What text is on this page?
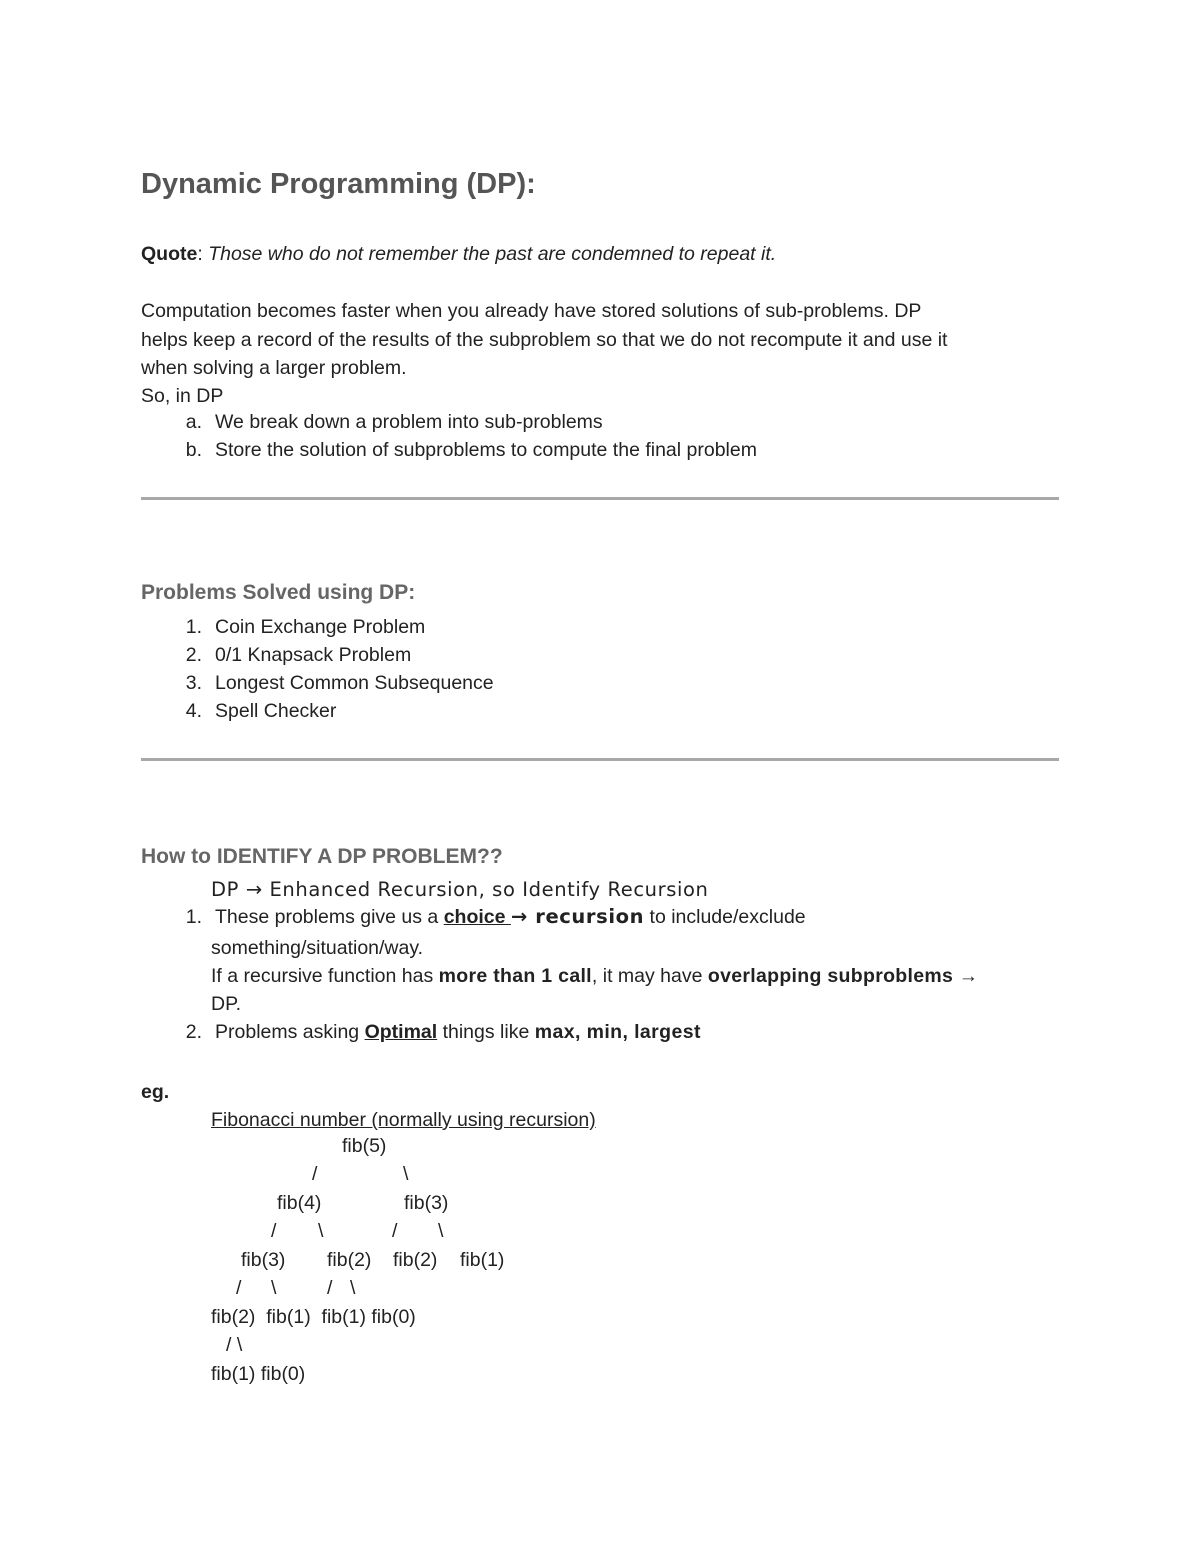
Dynamic Programming (DP):
Quote: Those who do not remember the past are condemned to repeat it.
Computation becomes faster when you already have stored solutions of sub-problems. DP
helps keep a record of the results of the subproblem so that we do not recompute it and use it
when solving a larger problem.
So, in DP
a. We break down a problem into sub-problems
b. Store the solution of subproblems to compute the final problem
Problems Solved using DP:
1. Coin Exchange Problem
2. 0/1 Knapsack Problem
3. Longest Common Subsequence
4. Spell Checker
How to IDENTIFY A DP PROBLEM??
DP → Enhanced Recursion, so Identify Recursion
1. These problems give us a choice → recursion to include/exclude
something/situation/way.
If a recursive function has more than 1 call, it may have overlapping subproblems →
DP.
2. Problems asking Optimal things like max, min, largest
eg.
Fibonacci number (normally using recursion)
fib(5)
/	\
fib(4)	fib(3)
/ \	/ \
fib(3) fib(2) fib(2) fib(1)
/ \	/ \
fib(2)  fib(1)  fib(1) fib(0)
/ \
fib(1) fib(0)
